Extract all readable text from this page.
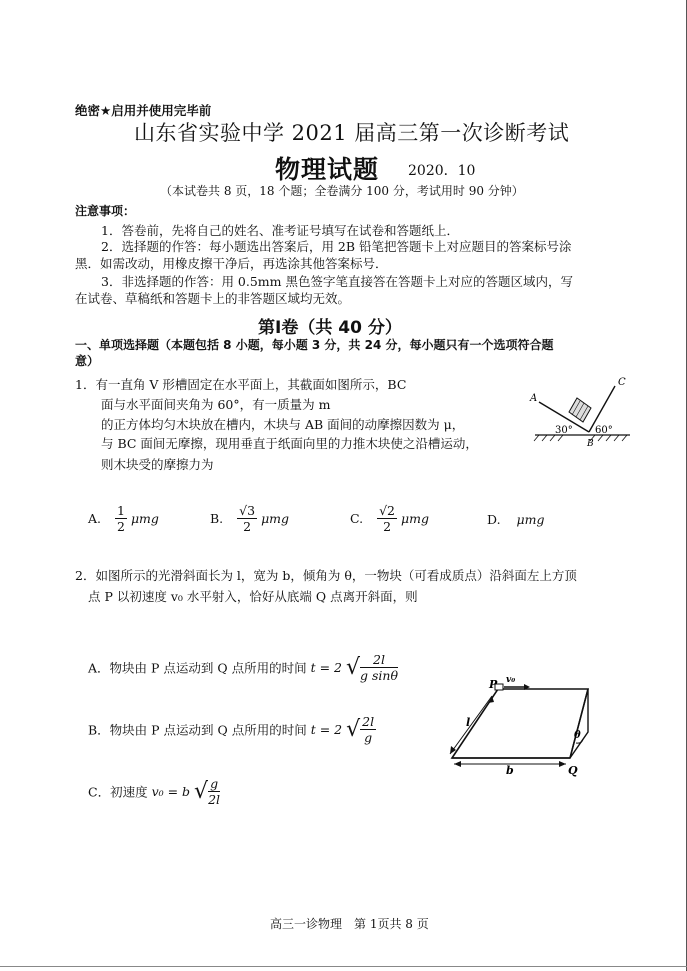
绝密★启用并使用完毕前
山东省实验中学 2021 届高三第一次诊断考试
物理试题 2020．10
（本试卷共 8 页，18 个题；全卷满分 100 分，考试用时 90 分钟）
注意事项：
1．答卷前，先将自己的姓名、准考证号填写在试卷和答题纸上．
2．选择题的作答：每小题选出答案后，用 2B 铅笔把答题卡上对应题目的答案标号涂
黑．如需改动，用橡皮擦干净后，再选涂其他答案标号．
3．非选择题的作答：用 0.5mm 黑色签字笔直接答在答题卡上对应的答题区域内，写
在试卷、草稿纸和答题卡上的非答题区域均无效。
第Ⅰ卷（共 40 分）
一、单项选择题（本题包括 8 小题，每小题 3 分，共 24 分，每小题只有一个选项符合题
意）
1．有一直角 V 形槽固定在水平面上，其截面如图所示，BC
面与水平面间夹角为 60°，有一质量为 m
的正方体均匀木块放在槽内，木块与 AB 面间的动摩擦因数为 μ，
与 BC 面间无摩擦，现用垂直于纸面向里的力推木块使之沿槽运动，
则木块受的摩擦力为
A
C
B
30° 60°
A. $\frac{1}{2}$ μmg	B. $\frac{√3}{2}$ μmg	C. $\frac{√2}{2}$ μmg	D. μmg
2．如图所示的光滑斜面长为 l，宽为 b，倾角为 θ，一物块（可看成质点）沿斜面左上方顶
点 P 以初速度 v₀ 水平射入，恰好从底端 Q 点离开斜面，则
A．物块由 P 点运动到 Q 点所用的时间 t = 2 √ $\frac{2l}{\text{g sinθ}}$
B．物块由 P 点运动到 Q 点所用的时间 t = 2 √ $\frac{2l}{g}$
C．初速度 v₀ = b √ $\frac{g}{2l}$
P v₀
l
b	Q
θ
高三一诊物理　第 1页共 8 页
